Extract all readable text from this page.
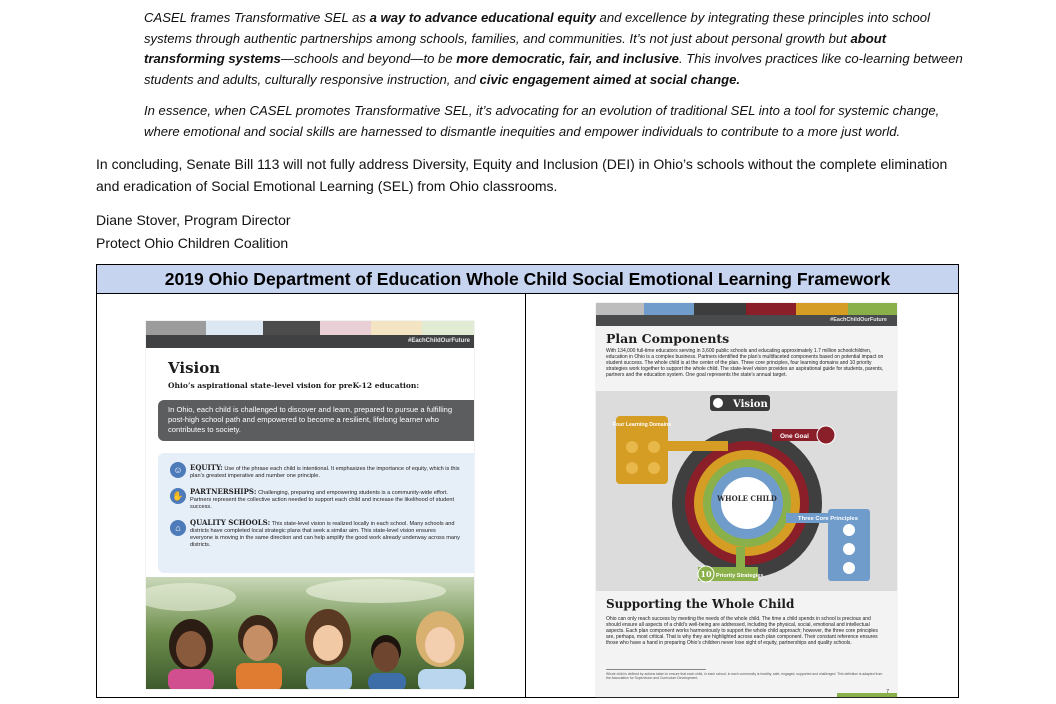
CASEL frames Transformative SEL as a way to advance educational equity and excellence by integrating these principles into school systems through authentic partnerships among schools, families, and communities. It’s not just about personal growth but about transforming systems—schools and beyond—to be more democratic, fair, and inclusive. This involves practices like co-learning between students and adults, culturally responsive instruction, and civic engagement aimed at social change.

In essence, when CASEL promotes Transformative SEL, it’s advocating for an evolution of traditional SEL into a tool for systemic change, where emotional and social skills are harnessed to dismantle inequities and empower individuals to contribute to a more just world.

In concluding, Senate Bill 113 will not fully address Diversity, Equity and Inclusion (DEI) in Ohio’s schools without the complete elimination and eradication of Social Emotional Learning (SEL) from Ohio classrooms.

Diane Stover, Program Director
Protect Ohio Children Coalition
2019 Ohio Department of Education Whole Child Social Emotional Learning Framework
#EachChildOurFuture
Vision
Ohio’s aspirational state-level vision for preK-12 education:
In Ohio, each child is challenged to discover and learn, prepared to pursue a fulfilling post-high school path and empowered to become a resilient, lifelong learner who contributes to society.
☺	EQUITY: Use of the phrase each child is intentional. It emphasizes the importance of equity, which is this plan’s greatest imperative and number one principle.
✋ PARTNERSHIPS: Challenging, preparing and empowering students is a community-wide effort. Partners represent the collective action needed to support each child and increase the likelihood of student success.
⌂
QUALITY SCHOOLS: This state-level vision is realized locally in each school. Many schools and districts have completed local strategic plans that seek a similar aim. This state-level vision ensures everyone is moving in the same direction and can help amplify the good work already underway across many districts.
#EachChildOurFuture
Plan Components
With 134,000 full-time educators serving in 3,600 public schools and educating approximately 1.7 million schoolchildren, education in Ohio is a complex business. Partners identified the plan’s multifaceted components based on potential impact on student success. The whole child is at the center of the plan. Three core principles, four learning domains and 10 priority strategies work together to support the whole child. The state-level vision provides an aspirational guide for students, parents, partners and the education system. One goal represents the state’s annual target.
Vision
One Goal
Four Learning Domains
WHOLE CHILD
Three Core Principles
10 Priority Strategies
Supporting the Whole Child
Ohio can only reach success by meeting the needs of the whole child. The time a child spends in school is precious and should ensure all aspects of a child’s well-being are addressed, including the physical, social, emotional and intellectual aspects. Each plan component works harmoniously to support the whole child approach; however, the three core principles are, perhaps, most critical. That is why they are highlighted across each plan component. Their constant reference ensures those who have a hand in preparing Ohio’s children never lose sight of equity, partnerships and quality schools.
Whole child is defined by actions taken to ensure that each child, in each school, in each community is healthy, safe, engaged, supported and challenged. This definition is adapted from the Association for Supervision and Curriculum Development.
7
